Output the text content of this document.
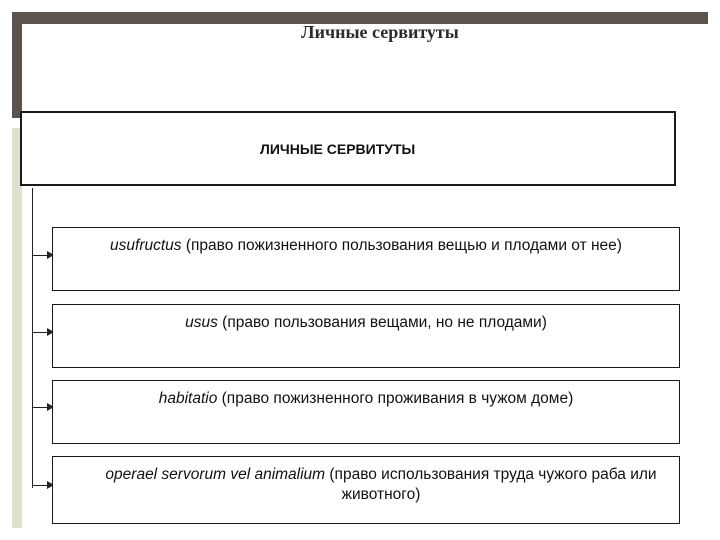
Личные сервитуты
ЛИЧНЫЕ СЕРВИТУТЫ
usufructus (право пожизненного пользования вещью и плодами от нее)
usus (право пользования вещами, но не плодами)
habitatio (право пожизненного проживания в чужом доме)
operael servorum vel animalium (право использования труда чужого раба или животного)
